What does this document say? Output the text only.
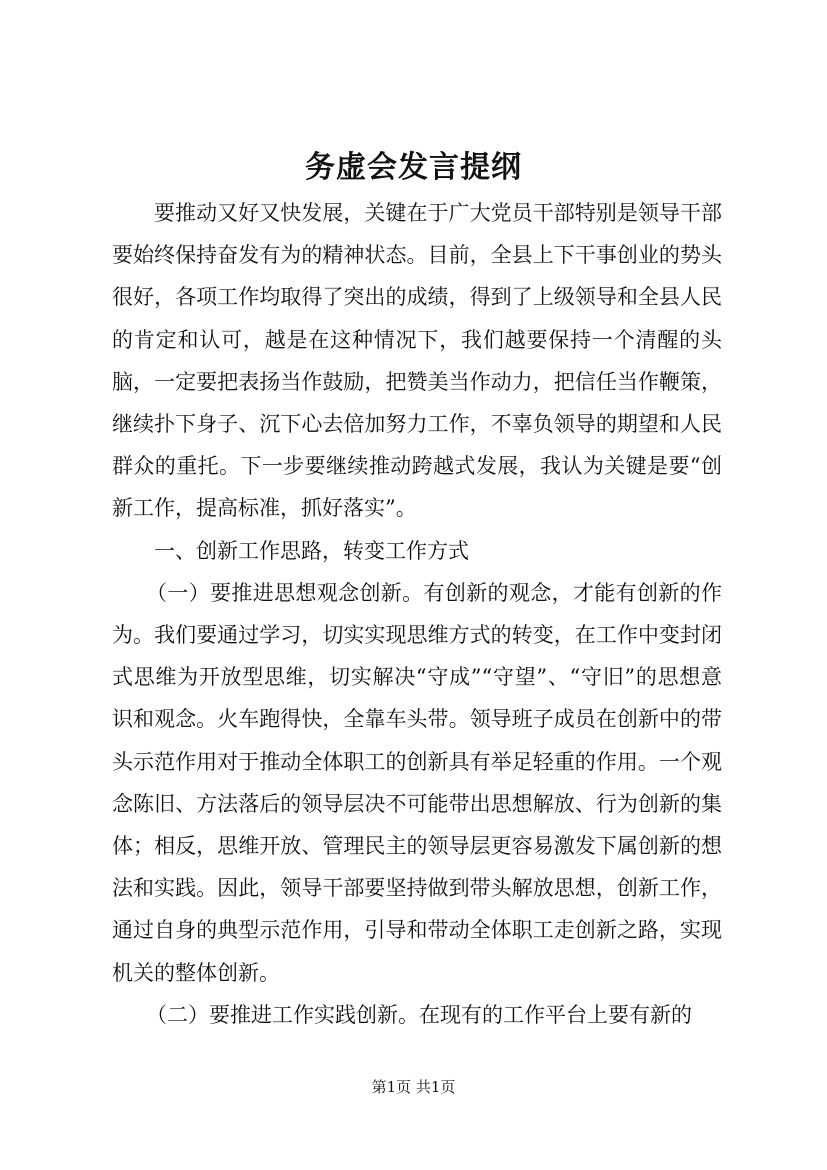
务虚会发言提纲

要推动又好又快发展，关键在于广大党员干部特别是领导干部要始终保持奋发有为的精神状态。目前，全县上下干事创业的势头很好，各项工作均取得了突出的成绩，得到了上级领导和全县人民的肯定和认可，越是在这种情况下，我们越要保持一个清醒的头脑，一定要把表扬当作鼓励，把赞美当作动力，把信任当作鞭策，继续扑下身子、沉下心去倍加努力工作，不辜负领导的期望和人民群众的重托。下一步要继续推动跨越式发展，我认为关键是要“创新工作，提高标准，抓好落实”。

一、创新工作思路，转变工作方式

（一）要推进思想观念创新。有创新的观念，才能有创新的作为。我们要通过学习，切实实现思维方式的转变，在工作中变封闭式思维为开放型思维，切实解决“守成”“守望”、“守旧”的思想意识和观念。火车跑得快，全靠车头带。领导班子成员在创新中的带头示范作用对于推动全体职工的创新具有举足轻重的作用。一个观念陈旧、方法落后的领导层决不可能带出思想解放、行为创新的集体；相反，思维开放、管理民主的领导层更容易激发下属创新的想法和实践。因此，领导干部要坚持做到带头解放思想，创新工作，通过自身的典型示范作用，引导和带动全体职工走创新之路，实现机关的整体创新。

（二）要推进工作实践创新。在现有的工作平台上要有新的

第1页 共1页
